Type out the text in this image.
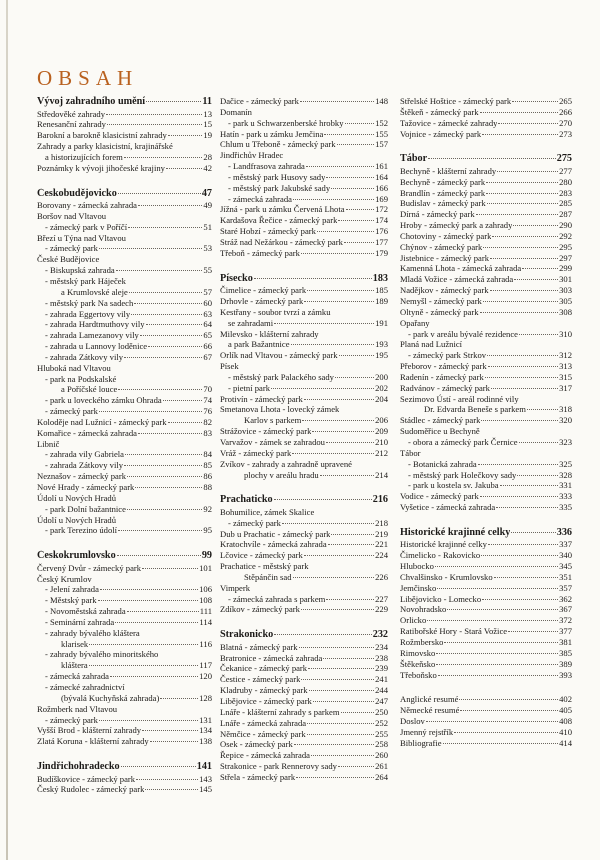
OBSAH
Vývoj zahradního umění	11
Středověké zahrady	13
Renesanční zahrady	15
Barokní a barokně klasicistní zahrady	19
Zahrady a parky klasicistní, krajinářské
a historizujících forem	28
Poznámky k vývoji jihočeské krajiny	42
Českobudějovicko	47
Borovany - zámecká zahrada	49
Boršov nad Vltavou
- zámecký park v Poříčí	51
Březí u Týna nad Vltavou
- zámecký park	53
České Budějovice
- Biskupská zahrada	55
- městský park Háječek
a Krumlovské aleje	57
- městský park Na sadech	60
- zahrada Eggertovy vily	63
- zahrada Hardtmuthovy vily	64
- zahrada Lamezanovy vily	65
- zahrada u Lannovy loděnice	66
- zahrada Zátkovy vily	67
Hluboká nad Vltavou
- park na Podskalské
a Poříčské louce	70
- park u loveckého zámku Ohrada	74
- zámecký park	76
Koloděje nad Lužnicí - zámecký park	82
Komařice - zámecká zahrada	83
Libnič
- zahrada vily Gabriela	84
- zahrada Zátkovy vily	85
Neznašov - zámecký park	86
Nové Hrady - zámecký park	88
Údolí u Nových Hradů
- park Dolní bažantnice	92
Údolí u Nových Hradů
- park Terezino údolí	95
Českokrumlovsko	99
Červený Dvůr - zámecký park	101
Český Krumlov
- Jelení zahrada	106
- Městský park	108
- Novoměstská zahrada	111
- Seminární zahrada	114
- zahrady bývalého kláštera
klarisek	116
- zahrady bývalého minoritského
kláštera	117
- zámecká zahrada	120
- zámecké zahradnictví
(bývalá Kuchyňská zahrada)	128
Rožmberk nad Vltavou
- zámecký park	131
Vyšší Brod - klášterní zahrady	134
Zlatá Koruna - klášterní zahrady	138
Jindřichohradecko	141
Budíškovice - zámecký park	143
Český Rudolec - zámecký park	145
Dačice - zámecký park	148
Domanín
- park u Schwarzenberské hrobky	152
Hatín - park u zámku Jemčina	155
Chlum u Třeboně - zámecký park	157
Jindřichův Hradec
- Landfrasova zahrada	161
- městský park Husovy sady	164
- městský park Jakubské sady	166
- zámecká zahrada	169
Jížná - park u zámku Červená Lhota	172
Kardašova Řečice - zámecký park	174
Staré Hobzí - zámecký park	176
Stráž nad Nežárkou - zámecký park	177
Třeboň - zámecký park	179
Písecko	183
Čimelice - zámecký park	185
Drhovle - zámecký park	189
Kestřany - soubor tvrzí a zámku
se zahradami	191
Milevsko - klášterní zahrady
a park Bažantnice	193
Orlík nad Vltavou - zámecký park	195
Písek
- městský park Palackého sady	200
- pietní park	202
Protivín - zámecký park	204
Smetanova Lhota - lovecký zámek
Karlov s parkem	206
Strážovice - zámecký park	209
Varvažov - zámek se zahradou	210
Vráž - zámecký park	212
Zvíkov - zahrady a zahradně upravené
plochy v areálu hradu	214
Prachaticko	216
Bohumilice, zámek Skalice
- zámecký park	218
Dub u Prachatic - zámecký park	219
Kratochvíle - zámecká zahrada	221
Lčovice - zámecký park	224
Prachatice - městský park
Stěpánčin sad	226
Vimperk
- zámecká zahrada s parkem	227
Zdíkov - zámecký park	229
Strakonicko	232
Blatná - zámecký park	234
Bratronice - zámecká zahrada	238
Čekanice - zámecký park	239
Čestice - zámecký park	241
Kladruby - zámecký park	244
Libějovice - zámecký park	247
Lnáře - klášterní zahrady s parkem	250
Lnáře - zámecká zahrada	252
Němčice - zámecký park	255
Osek - zámecký park	258
Řepice - zámecká zahrada	260
Strakonice - park Rennerovy sady	261
Střela - zámecký park	264
Střelské Hoštice - zámecký park	265
Štěkeň - zámecký park	266
Tažovice - zámecké zahrady	270
Vojnice - zámecký park	273
Tábor	275
Bechyně - klášterní zahrady	277
Bechyně - zámecký park	280
Brandlín - zámecký park	283
Budislav - zámecký park	285
Dírná - zámecký park	287
Hroby - zámecký park a zahrady	290
Chotoviny - zámecký park	292
Chýnov - zámecký park	295
Jistebnice - zámecký park	297
Kamenná Lhota - zámecká zahrada	299
Mladá Vožice - zámecká zahrada	301
Nadějkov - zámecký park	303
Nemyšl - zámecký park	305
Oltyně - zámecký park	308
Opařany
- park v areálu bývalé rezidence	310
Planá nad Lužnicí
- zámecký park Strkov	312
Přeborov - zámecký park	313
Radenín - zámecký park	315
Radvánov - zámecký park	317
Sezimovo Ústí - areál rodinné vily
Dr. Edvarda Beneše s parkem	318
Stádlec - zámecký park	320
Sudoměřice u Bechyně
- obora a zámecký park Černice	323
Tábor
- Botanická zahrada	325
- městský park Holečkovy sady	328
- park u kostela sv. Jakuba	331
Vodice - zámecký park	333
Vyšetice - zámecká zahrada	335
Historické krajinné celky	336
Historické krajinné celky	337
Čimelicko - Rakovicko	340
Hlubocko	345
Chvalšinsko - Krumlovsko	351
Jemčinsko	357
Libějovicko - Lomecko	362
Novohradsko	367
Orlicko	372
Ratibořské Hory - Stará Vožice	377
Rožmbersko	381
Rimovsko	385
Štěkeňsko	389
Třeboňsko	393
Anglické resumé	402
Německé resumé	405
Doslov	408
Jmenný rejstřík	410
Bibliografie	414
